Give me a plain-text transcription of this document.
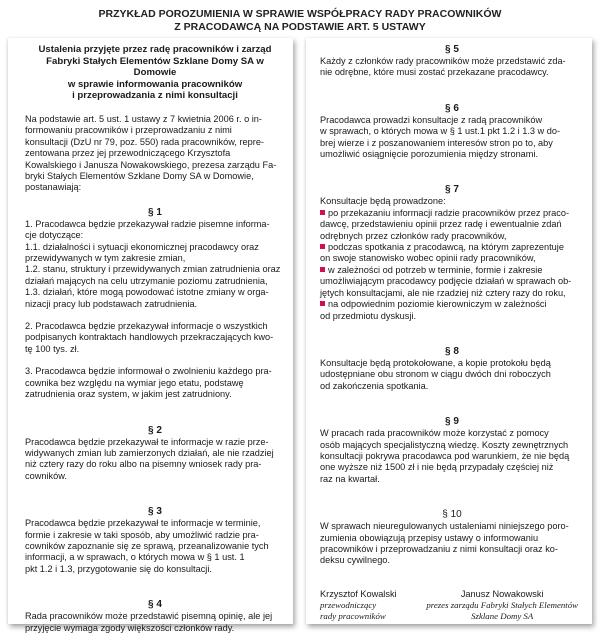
PRZYKŁAD POROZUMIENIA W SPRAWIE WSPÓŁPRACY RADY PRACOWNIKÓW
Z PRACODAWCĄ NA PODSTAWIE ART. 5 USTAWY
Ustalenia przyjęte przez radę pracowników i zarząd
Fabryki Stałych Elementów Szklane Domy SA w Domowie
w sprawie informowania pracowników
i przeprowadzania z nimi konsultacji

Na podstawie art. 5 ust. 1 ustawy z 7 kwietnia 2006 r. o in-
formowaniu pracowników i przeprowadzaniu z nimi
konsultacji (DzU nr 79, poz. 550) rada pracowników, repre-
zentowana przez jej przewodniczącego Krzysztofa
Kowalskiego i Janusza Nowakowskiego, prezesa zarządu Fa-
bryki Stałych Elementów Szklane Domy SA w Domowie,
postanawiają:

§ 1

1. Pracodawca będzie przekazywał radzie pisemne informa-
cje dotyczące:
1.1. działalności i sytuacji ekonomicznej pracodawcy oraz
przewidywanych w tym zakresie zmian,
1.2. stanu, struktury i przewidywanych zmian zatrudnienia oraz
działań mających na celu utrzymanie poziomu zatrudnienia,
1.3. działań, które mogą powodować istotne zmiany w orga-
nizacji pracy lub podstawach zatrudnienia.

2. Pracodawca będzie przekazywał informacje o wszystkich
podpisanych kontraktach handlowych przekraczających kwo-
tę 100 tys. zł.

3. Pracodawca będzie informował o zwolnieniu każdego pra-
cownika bez względu na wymiar jego etatu, podstawę
zatrudnienia oraz system, w jakim jest zatrudniony.

§ 2

Pracodawca będzie przekazywał te informacje w razie prze-
widywanych zmian lub zamierzonych działań, ale nie rzadziej
niż cztery razy do roku albo na pisemny wniosek rady pra-
cowników.

§ 3

Pracodawca będzie przekazywał te informacje w terminie,
formie i zakresie w taki sposób, aby umożliwić radzie pra-
cowników zapoznanie się ze sprawą, przeanalizowanie tych
informacji, a w sprawach, o których mowa w § 1 ust. 1
pkt 1.2 i 1.3, przygotowanie się do konsultacji.

§ 4

Rada pracowników może przedstawić pisemną opinię, ale jej
przyjęcie wymaga zgody większości członków rady.

§ 5

Każdy z członków rady pracowników może przedstawić zda-
nie odrębne, które musi zostać przekazane pracodawcy.

§ 6

Pracodawca prowadzi konsultacje z radą pracowników
w sprawach, o których mowa w § 1 ust.1 pkt 1.2 i 1.3 w do-
brej wierze i z poszanowaniem interesów stron po to, aby
umożliwić osiągnięcie porozumienia między stronami.

§ 7

Konsultacje będą prowadzone:

po przekazaniu informacji radzie pracowników przez praco-
dawcę, przedstawieniu opinii przez radę i ewentualnie zdań
odrębnych przez członków rady pracowników,

podczas spotkania z pracodawcą, na którym zaprezentuje
on swoje stanowisko wobec opinii rady pracowników,

w zależności od potrzeb w terminie, formie i zakresie
umożliwiającym pracodawcy podjęcie działań w sprawach ob-
jętych konsultacjami, ale nie rzadziej niż cztery razy do roku,

na odpowiednim poziomie kierowniczym w zależności
od przedmiotu dyskusji.

§ 8

Konsultacje będą protokołowane, a kopie protokołu będą
udostępniane obu stronom w ciągu dwóch dni roboczych
od zakończenia spotkania.

§ 9

W pracach rada pracowników może korzystać z pomocy
osób mających specjalistyczną wiedzę. Koszty zewnętrznych
konsultacji pokrywa pracodawca pod warunkiem, że nie będą
one wyższe niż 1500 zł i nie będą przypadały częściej niż
raz na kwartał.

§ 10

W sprawach nieuregulowanych ustaleniami niniejszego poro-
zumienia obowiązują przepisy ustawy o informowaniu
pracowników i przeprowadzaniu z nimi konsultacji oraz ko-
deksu cywilnego.

Krzysztof Kowalski
przewodniczący
rady pracowników
Janusz Nowakowski
prezes zarządu Fabryki Stałych Elementów
Szklane Domy SA
